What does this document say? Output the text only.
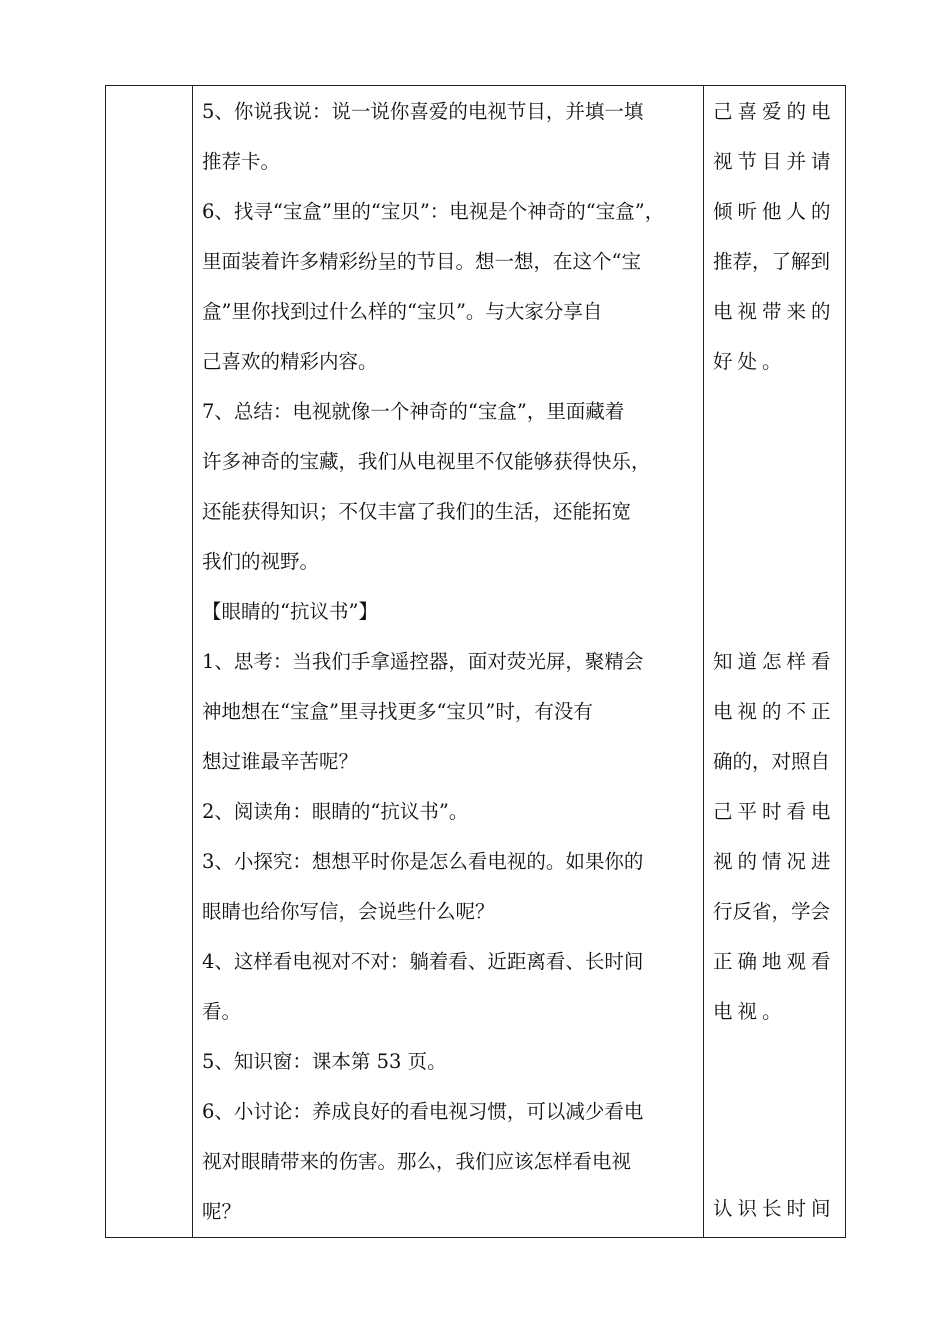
5、你说我说：说一说你喜爱的电视节目，并填一填
推荐卡。
6、找寻“宝盒”里的“宝贝”：电视是个神奇的“宝盒”，
里面装着许多精彩纷呈的节目。想一想，在这个“宝
盒”里你找到过什么样的“宝贝”。与大家分享自
己喜欢的精彩内容。
7、总结：电视就像一个神奇的“宝盒”，里面藏着
许多神奇的宝藏，我们从电视里不仅能够获得快乐，
还能获得知识；不仅丰富了我们的生活，还能拓宽
我们的视野。
【眼睛的“抗议书”】
1、思考：当我们手拿遥控器，面对荧光屏，聚精会
神地想在“宝盒”里寻找更多“宝贝”时，有没有
想过谁最辛苦呢？
2、阅读角：眼睛的“抗议书”。
3、小探究：想想平时你是怎么看电视的。如果你的
眼睛也给你写信，会说些什么呢？
4、这样看电视对不对：躺着看、近距离看、长时间
看。
5、知识窗：课本第 53 页。
6、小讨论：养成良好的看电视习惯，可以减少看电
视对眼睛带来的伤害。那么，我们应该怎样看电视
呢？
己喜爱的电
视节目并请
倾听他人的
推荐，了解到
电视带来的
好处。
知道怎样看
电视的不正
确的，对照自
己平时看电
视的情况进
行反省，学会
正确地观看
电视。
认识长时间
